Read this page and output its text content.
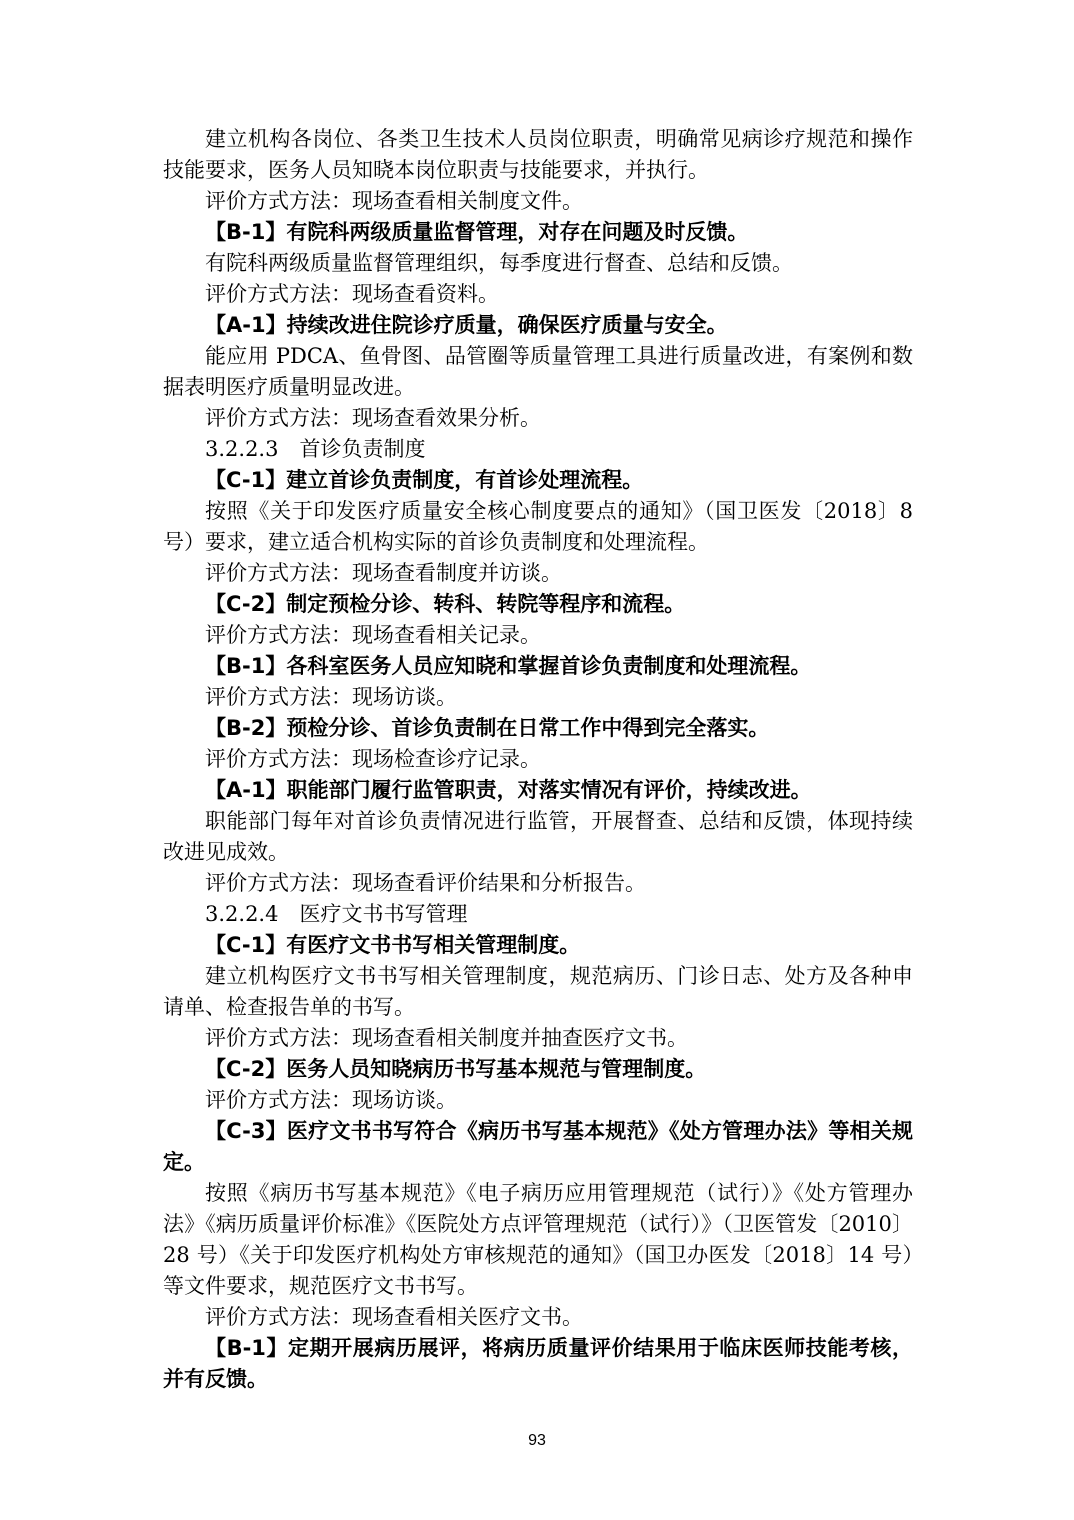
建立机构各岗位、各类卫生技术人员岗位职责，明确常见病诊疗规范和操作技能要求，医务人员知晓本岗位职责与技能要求，并执行。

评价方式方法：现场查看相关制度文件。

【B-1】有院科两级质量监督管理，对存在问题及时反馈。

有院科两级质量监督管理组织，每季度进行督查、总结和反馈。

评价方式方法：现场查看资料。

【A-1】持续改进住院诊疗质量，确保医疗质量与安全。

能应用 PDCA、鱼骨图、品管圈等质量管理工具进行质量改进，有案例和数据表明医疗质量明显改进。

评价方式方法：现场查看效果分析。

3.2.2.3　首诊负责制度

【C-1】建立首诊负责制度，有首诊处理流程。

按照《关于印发医疗质量安全核心制度要点的通知》（国卫医发〔2018〕8号）要求，建立适合机构实际的首诊负责制度和处理流程。

评价方式方法：现场查看制度并访谈。

【C-2】制定预检分诊、转科、转院等程序和流程。

评价方式方法：现场查看相关记录。

【B-1】各科室医务人员应知晓和掌握首诊负责制度和处理流程。

评价方式方法：现场访谈。

【B-2】预检分诊、首诊负责制在日常工作中得到完全落实。

评价方式方法：现场检查诊疗记录。

【A-1】职能部门履行监管职责，对落实情况有评价，持续改进。

职能部门每年对首诊负责情况进行监管，开展督查、总结和反馈，体现持续改进见成效。

评价方式方法：现场查看评价结果和分析报告。

3.2.2.4　医疗文书书写管理

【C-1】有医疗文书书写相关管理制度。

建立机构医疗文书书写相关管理制度，规范病历、门诊日志、处方及各种申请单、检查报告单的书写。

评价方式方法：现场查看相关制度并抽查医疗文书。

【C-2】医务人员知晓病历书写基本规范与管理制度。

评价方式方法：现场访谈。

【C-3】医疗文书书写符合《病历书写基本规范》《处方管理办法》等相关规定。

按照《病历书写基本规范》《电子病历应用管理规范（试行）》《处方管理办法》《病历质量评价标准》《医院处方点评管理规范（试行）》（卫医管发〔2010〕28 号）《关于印发医疗机构处方审核规范的通知》（国卫办医发〔2018〕14 号）等文件要求，规范医疗文书书写。

评价方式方法：现场查看相关医疗文书。

【B-1】定期开展病历展评，将病历质量评价结果用于临床医师技能考核，并有反馈。

93
